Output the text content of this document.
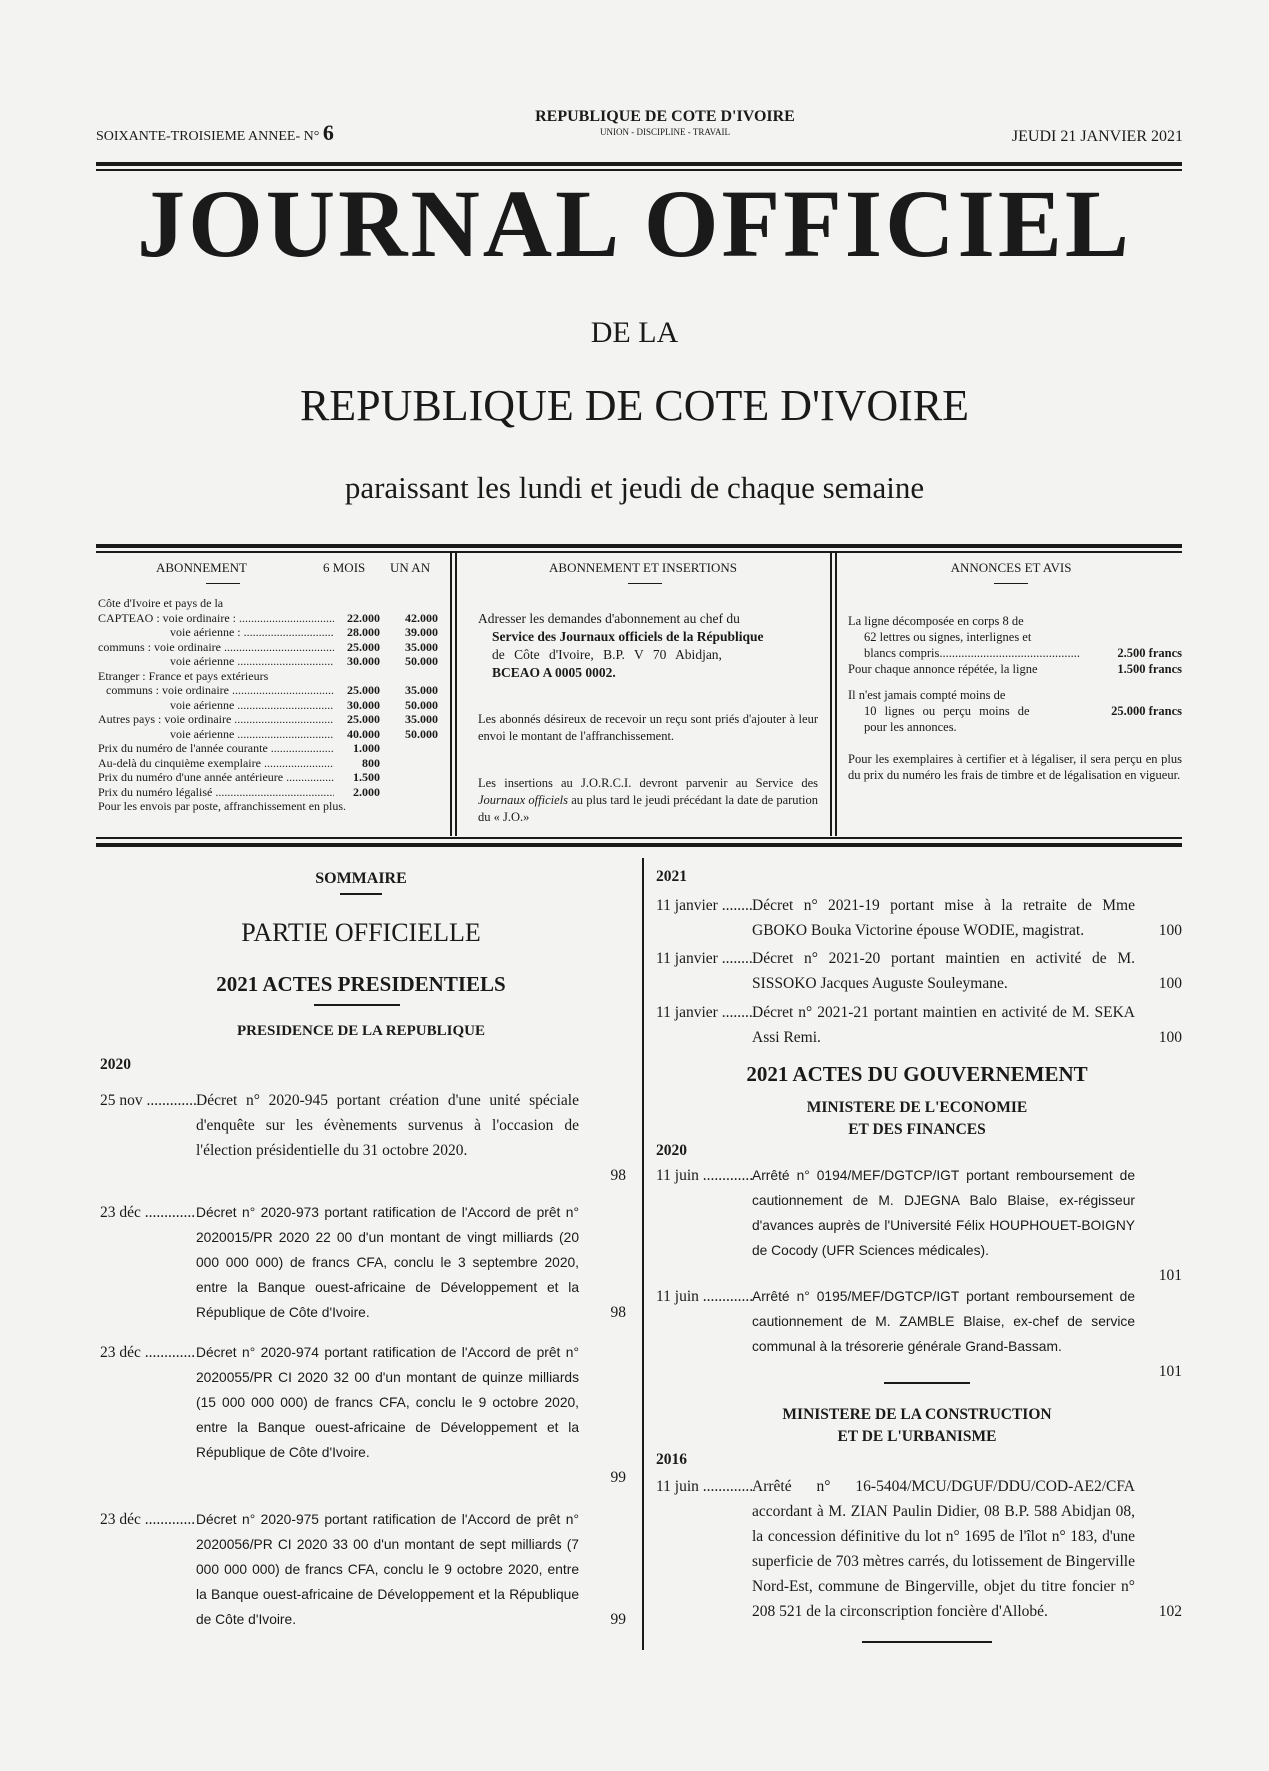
SOIXANTE-TROISIEME ANNEE- N° 6
REPUBLIQUE DE COTE D'IVOIRE
UNION - DISCIPLINE - TRAVAIL	JEUDI 21 JANVIER 2021
JOURNAL OFFICIEL
DE LA
REPUBLIQUE DE COTE D'IVOIRE
paraissant les lundi et jeudi de chaque semaine
ABONNEMENT	6 MOIS UN AN
Côte d'Ivoire et pays de la
CAPTEAO : voie ordinaire : .....	22.000	42.000
voie aérienne : .....	28.000	39.000
communs : voie ordinaire .....	25.000	35.000
voie aérienne .....	30.000	50.000
Etranger : France et pays extérieurs
communs : voie ordinaire .....	25.000	35.000
voie aérienne .....	30.000	50.000
Autres pays : voie ordinaire .....	25.000	35.000
voie aérienne .....	40.000	50.000
Prix du numéro de l'année courante .....	1.000
Au-delà du cinquième exemplaire .....	800
Prix du numéro d'une année antérieure .....	1.500
Prix du numéro légalisé .....	2.000
Pour les envois par poste, affranchissement en plus.
ABONNEMENT ET INSERTIONS
Adresser les demandes d'abonnement au chef du
Service des Journaux officiels de la République
de Côte d'Ivoire, B.P. V 70 Abidjan,
BCEAO A 0005 0002.
Les abonnés désireux de recevoir un reçu sont priés d'ajouter à leur envoi le montant de l'affranchissement.
Les insertions au J.O.R.C.I. devront parvenir au Service des Journaux officiels au plus tard le jeudi précédant la date de parution du « J.O.»
ANNONCES ET AVIS
La ligne décomposée en corps 8 de
62 lettres ou signes, interlignes et
blancs compris .............................................	2.500 francs
Pour chaque annonce répétée, la ligne	1.500 francs
Il n'est jamais compté moins de
10 lignes ou perçu moins de	25.000 francs
pour les annonces.
Pour les exemplaires à certifier et à légaliser, il sera perçu en plus du prix du numéro les frais de timbre et de légalisation en vigueur.
SOMMAIRE
PARTIE OFFICIELLE
2021 ACTES PRESIDENTIELS
PRESIDENCE DE LA REPUBLIQUE
2020
25 nov .....	Décret n° 2020-945 portant création d'une unité spéciale d'enquête sur les évènements survenus à l'occasion de l'élection présidentielle du 31 octobre 2020.
98
23 déc .....	Décret n° 2020-973 portant ratification de l'Accord de prêt n° 2020015/PR 2020 22 00 d'un montant de vingt milliards (20 000 000 000) de francs CFA, conclu le 3 septembre 2020, entre la Banque ouest-africaine de Développement et la République de Côte d'Ivoire.	98
23 déc .....	Décret n° 2020-974 portant ratification de l'Accord de prêt n° 2020055/PR CI 2020 32 00 d'un montant de quinze milliards (15 000 000 000) de francs CFA, conclu le 9 octobre 2020, entre la Banque ouest-africaine de Développement et la République de Côte d'Ivoire.
99
23 déc .....	Décret n° 2020-975 portant ratification de l'Accord de prêt n° 2020056/PR CI 2020 33 00 d'un montant de sept milliards (7 000 000 000) de francs CFA, conclu le 9 octobre 2020, entre la Banque ouest-africaine de Développement et la République de Côte d'Ivoire.	99
2021
11 janvier .....	Décret n° 2021-19 portant mise à la retraite de Mme GBOKO Bouka Victorine épouse WODIE, magistrat.	100
11 janvier .....	Décret n° 2021-20 portant maintien en activité de M. SISSOKO Jacques Auguste Souleymane.	100
11 janvier .....	Décret n° 2021-21 portant maintien en activité de M. SEKA Assi Remi.	100
2021 ACTES DU GOUVERNEMENT
MINISTERE DE L'ECONOMIE
ET DES FINANCES
2020
11 juin .....	Arrêté n° 0194/MEF/DGTCP/IGT portant remboursement de cautionnement de M. DJEGNA Balo Blaise, ex-régisseur d'avances auprès de l'Université Félix HOUPHOUET-BOIGNY de Cocody (UFR Sciences médicales).
101
11 juin .....	Arrêté n° 0195/MEF/DGTCP/IGT portant remboursement de cautionnement de M. ZAMBLE Blaise, ex-chef de service communal à la trésorerie générale Grand-Bassam.
101
MINISTERE DE LA CONSTRUCTION
ET DE L'URBANISME
2016
11 juin .....	Arrêté n° 16-5404/MCU/DGUF/DDU/COD-AE2/CFA accordant à M. ZIAN Paulin Didier, 08 B.P. 588 Abidjan 08, la concession définitive du lot n° 1695 de l'îlot n° 183, d'une superficie de 703 mètres carrés, du lotissement de Bingerville Nord-Est, commune de Bingerville, objet du titre foncier n° 208 521 de la circonscription foncière d'Allobé.	102
